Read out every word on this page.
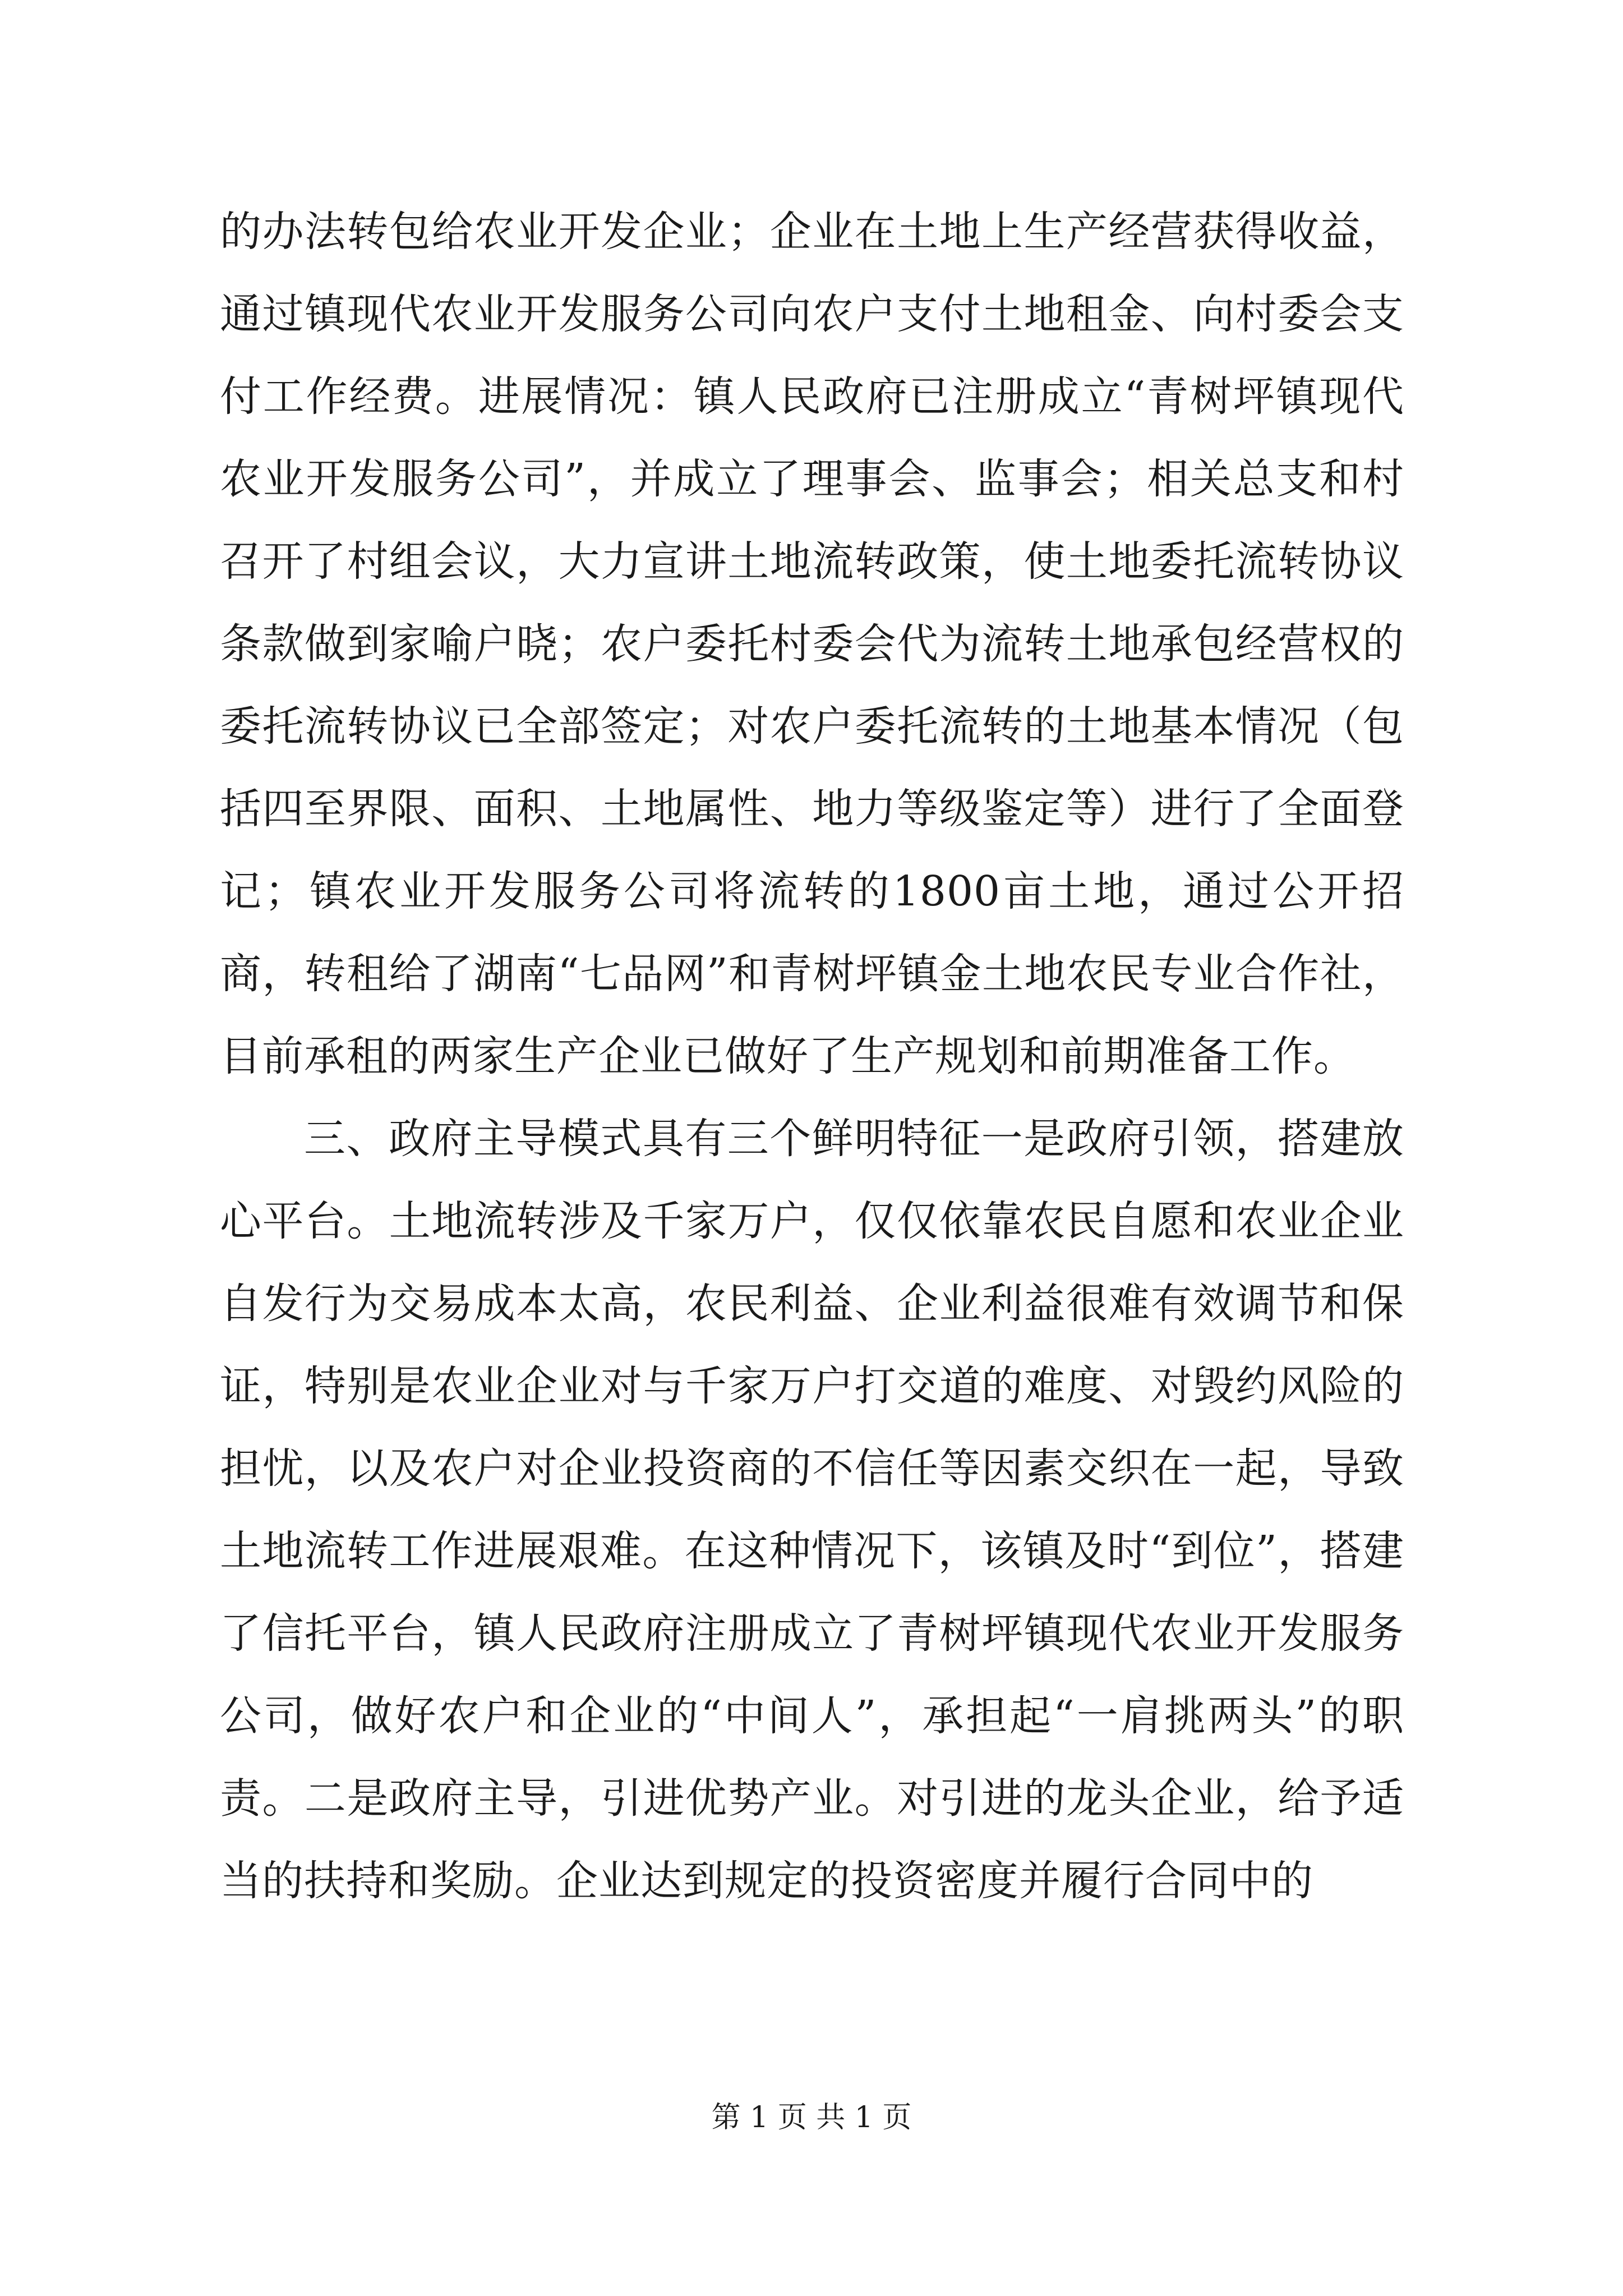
的办法转包给农业开发企业；企业在土地上生产经营获得收益，通过镇现代农业开发服务公司向农户支付土地租金、向村委会支付工作经费。进展情况：镇人民政府已注册成立“青树坪镇现代农业开发服务公司”，并成立了理事会、监事会；相关总支和村召开了村组会议，大力宣讲土地流转政策，使土地委托流转协议条款做到家喻户晓；农户委托村委会代为流转土地承包经营权的委托流转协议已全部签定；对农户委托流转的土地基本情况（包括四至界限、面积、土地属性、地力等级鉴定等）进行了全面登记；镇农业开发服务公司将流转的1800亩土地，通过公开招商，转租给了湖南“七品网”和青树坪镇金土地农民专业合作社，目前承租的两家生产企业已做好了生产规划和前期准备工作。

三、政府主导模式具有三个鲜明特征一是政府引领，搭建放心平台。土地流转涉及千家万户，仅仅依靠农民自愿和农业企业自发行为交易成本太高，农民利益、企业利益很难有效调节和保证，特别是农业企业对与千家万户打交道的难度、对毁约风险的担忧，以及农户对企业投资商的不信任等因素交织在一起，导致土地流转工作进展艰难。在这种情况下，该镇及时“到位”，搭建了信托平台，镇人民政府注册成立了青树坪镇现代农业开发服务公司，做好农户和企业的“中间人”，承担起“一肩挑两头”的职责。二是政府主导，引进优势产业。对引进的龙头企业，给予适当的扶持和奖励。企业达到规定的投资密度并履行合同中的

第 1 页 共 1 页
